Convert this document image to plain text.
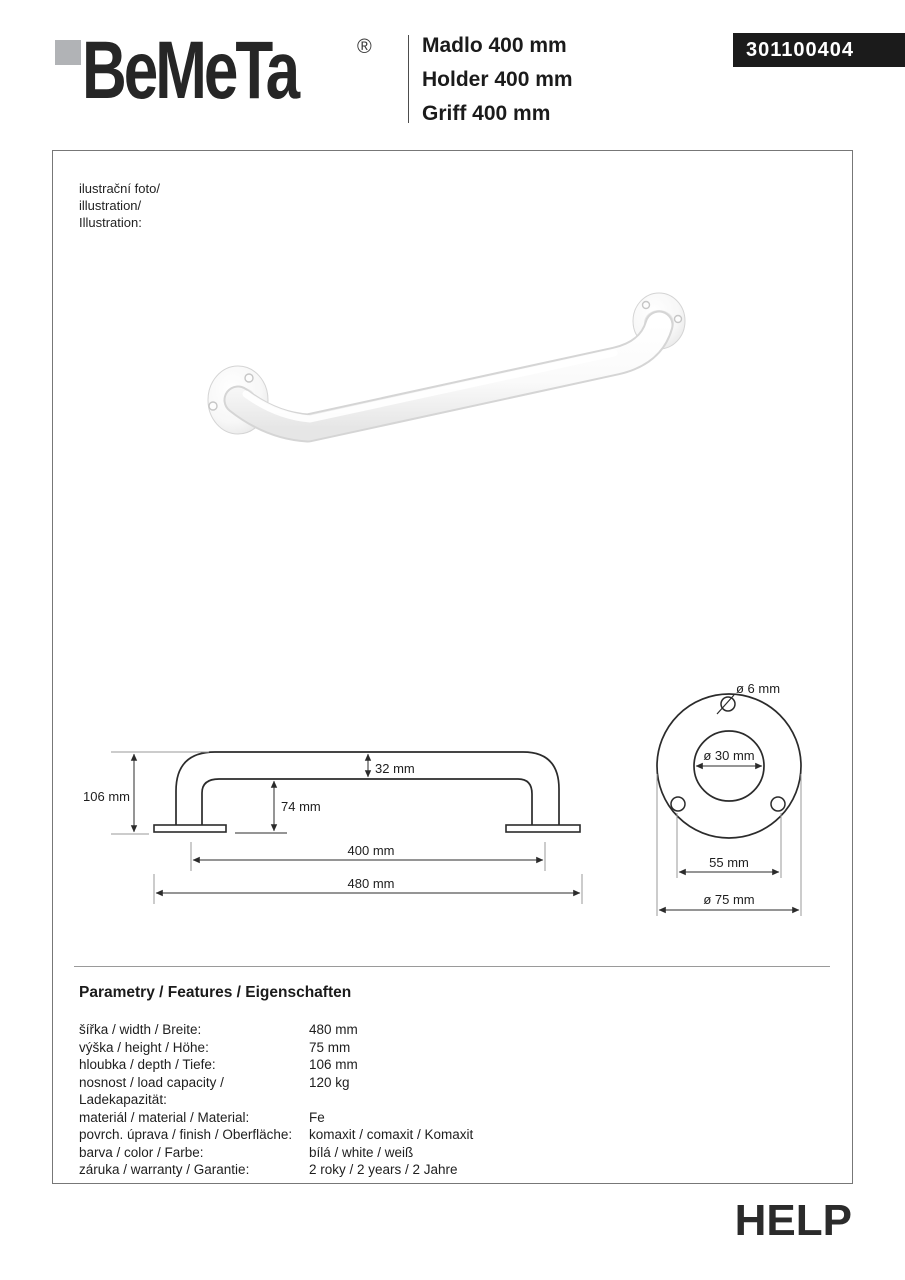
BeMeTa	® Madlo 400 mm
Holder 400 mm
Griff 400 mm
301100404
ilustrační foto/
illustration/
Illustration:
106 mm
32 mm
74 mm
400 mm
480 mm
ø 6 mm
ø 30 mm
55 mm
ø 75 mm
Parametry / Features / Eigenschaften
šířka / width / Breite:	480 mm
výška / height / Höhe:	75 mm
hloubka / depth / Tiefe:	106 mm
nosnost / load capacity / Ladekapazität:
120 kg
materiál / material / Material:	Fe
povrch. úprava / finish / Oberfläche:	komaxit / comaxit / Komaxit
barva / color / Farbe:	bílá / white / weiß
záruka / warranty / Garantie:	2 roky / 2 years / 2 Jahre
HELP
